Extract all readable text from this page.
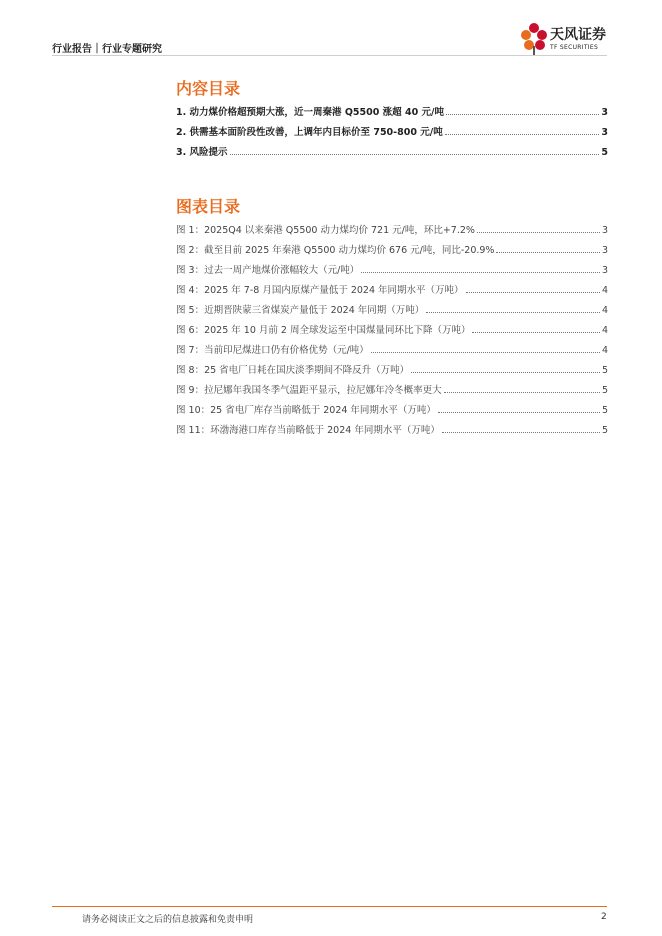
行业报告｜行业专题研究
天风证券
TF SECURITIES
内容目录
1. 动力煤价格超预期大涨，近一周秦港 Q5500 涨超 40 元/吨	3
2. 供需基本面阶段性改善，上调年内目标价至 750-800 元/吨	3
3. 风险提示	5
图表目录
图 1：2025Q4 以来秦港 Q5500 动力煤均价 721 元/吨，环比+7.2%	3
图 2：截至目前 2025 年秦港 Q5500 动力煤均价 676 元/吨，同比-20.9%	3
图 3：过去一周产地煤价涨幅较大（元/吨）	3
图 4：2025 年 7-8 月国内原煤产量低于 2024 年同期水平（万吨）	4
图 5：近期晋陕蒙三省煤炭产量低于 2024 年同期（万吨）	4
图 6：2025 年 10 月前 2 周全球发运至中国煤量同环比下降（万吨）	4
图 7：当前印尼煤进口仍有价格优势（元/吨）	4
图 8：25 省电厂日耗在国庆淡季期间不降反升（万吨）	5
图 9：拉尼娜年我国冬季气温距平显示，拉尼娜年冷冬概率更大	5
图 10：25 省电厂库存当前略低于 2024 年同期水平（万吨）	5
图 11：环渤海港口库存当前略低于 2024 年同期水平（万吨）	5
请务必阅读正文之后的信息披露和免责申明	2
